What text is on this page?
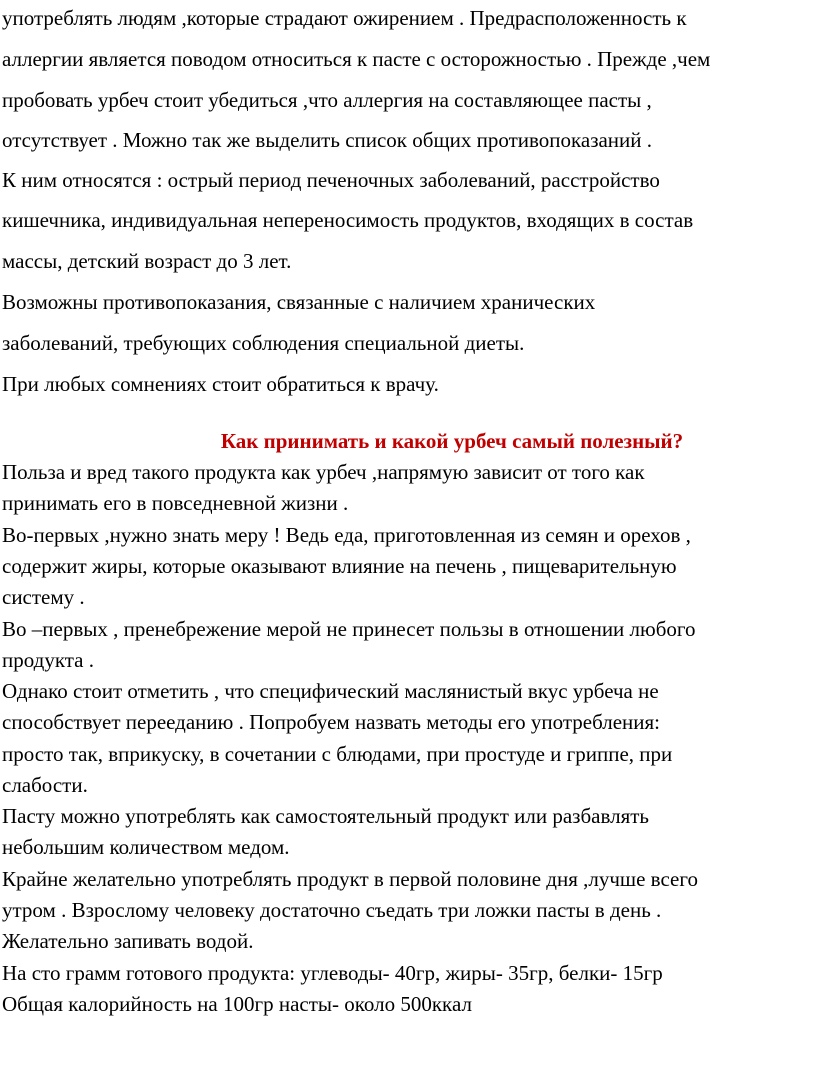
употреблять людям ,которые страдают ожирением . Предрасположенность к
аллергии является поводом относиться к пасте с осторожностью . Прежде ,чем
пробовать урбеч стоит убедиться ,что аллергия на составляющее пасты ,
отсутствует . Можно так же выделить список общих противопоказаний .
К ним относятся : острый период печеночных заболеваний, расстройство
кишечника, индивидуальная непереносимость продуктов, входящих в состав
массы, детский возраст до 3 лет.
Возможны противопоказания, связанные с наличием хранических
заболеваний, требующих соблюдения специальной диеты.
При любых сомнениях стоит обратиться к врачу.
Как принимать и какой урбеч самый полезный?
Польза и вред такого продукта как урбеч ,напрямую зависит от того как
принимать его в повседневной жизни .
Во-первых ,нужно знать меру ! Ведь еда, приготовленная из семян и орехов ,
содержит жиры, которые оказывают влияние на печень , пищеварительную
систему .
Во –первых , пренебрежение мерой не принесет пользы в отношении любого
продукта .
Однако стоит отметить , что специфический маслянистый вкус урбеча не
способствует перееданию . Попробуем назвать методы его употребления:
просто так, вприкуску, в сочетании с блюдами, при простуде и гриппе, при
слабости.
Пасту можно употреблять как самостоятельный продукт или разбавлять
небольшим количеством медом.
Крайне желательно употреблять продукт в первой половине дня ,лучше всего
утром . Взрослому человеку достаточно съедать три ложки пасты в день .
Желательно запивать водой.
На сто грамм готового продукта: углеводы- 40гр, жиры- 35гр, белки- 15гр
Общая калорийность на 100гр насты- около 500ккал
